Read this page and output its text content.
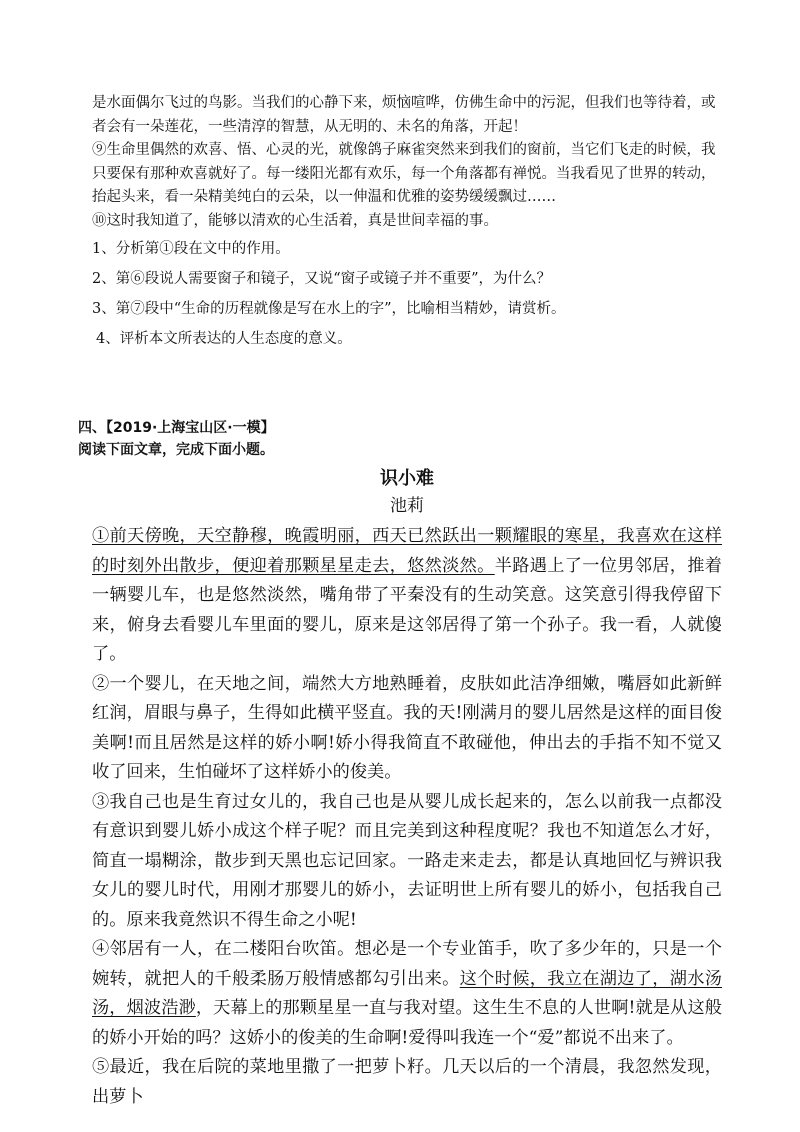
是水面偶尔飞过的鸟影。当我们的心静下来，烦恼喧哗，仿佛生命中的污泥，但我们也等待着，或者会有一朵莲花，一些清淳的智慧，从无明的、未名的角落，开起！

⑨生命里偶然的欢喜、悟、心灵的光，就像鸽子麻雀突然来到我们的窗前，当它们飞走的时候，我只要保有那种欢喜就好了。每一缕阳光都有欢乐，每一个角落都有禅悦。当我看见了世界的转动，抬起头来，看一朵精美纯白的云朵，以一伸温和优雅的姿势缓缓飘过……

⑩这时我知道了，能够以清欢的心生活着，真是世间幸福的事。

1、分析第①段在文中的作用。

2、第⑥段说人需要窗子和镜子，又说“窗子或镜子并不重要”，为什么？

3、第⑦段中“生命的历程就像是写在水上的字”，比喻相当精妙，请赏析。

4、评析本文所表达的人生态度的意义。

四、【2019·上海宝山区·一模】

阅读下面文章，完成下面小题。

识小难

池莉

①前天傍晚，天空静穆，晚霞明丽，西天已然跃出一颗耀眼的寒星，我喜欢在这样的时刻外出散步，便迎着那颗星星走去，悠然淡然。半路遇上了一位男邻居，推着一辆婴儿车，也是悠然淡然，嘴角带了平秦没有的生动笑意。这笑意引得我停留下来，俯身去看婴儿车里面的婴儿，原来是这邻居得了第一个孙子。我一看，人就傻了。

②一个婴儿，在天地之间，端然大方地熟睡着，皮肤如此洁净细嫩，嘴唇如此新鲜红润，眉眼与鼻子，生得如此横平竖直。我的天!刚满月的婴儿居然是这样的面目俊美啊!而且居然是这样的娇小啊!娇小得我简直不敢碰他，伸出去的手指不知不觉又收了回来，生怕碰坏了这样娇小的俊美。

③我自己也是生育过女儿的，我自己也是从婴儿成长起来的，怎么以前我一点都没有意识到婴儿娇小成这个样子呢？而且完美到这种程度呢？我也不知道怎么才好，简直一塌糊涂，散步到天黑也忘记回家。一路走来走去，都是认真地回忆与辨识我女儿的婴儿时代，用刚才那婴儿的娇小，去证明世上所有婴儿的娇小，包括我自己的。原来我竟然识不得生命之小呢!

④邻居有一人，在二楼阳台吹笛。想必是一个专业笛手，吹了多少年的，只是一个婉转，就把人的千般柔肠万般情感都勾引出来。这个时候，我立在湖边了，湖水汤汤，烟波浩渺，天幕上的那颗星星一直与我对望。这生生不息的人世啊!就是从这般的娇小开始的吗？这娇小的俊美的生命啊!爱得叫我连一个“爱”都说不出来了。

⑤最近，我在后院的菜地里撒了一把萝卜籽。几天以后的一个清晨，我忽然发现，出萝卜
